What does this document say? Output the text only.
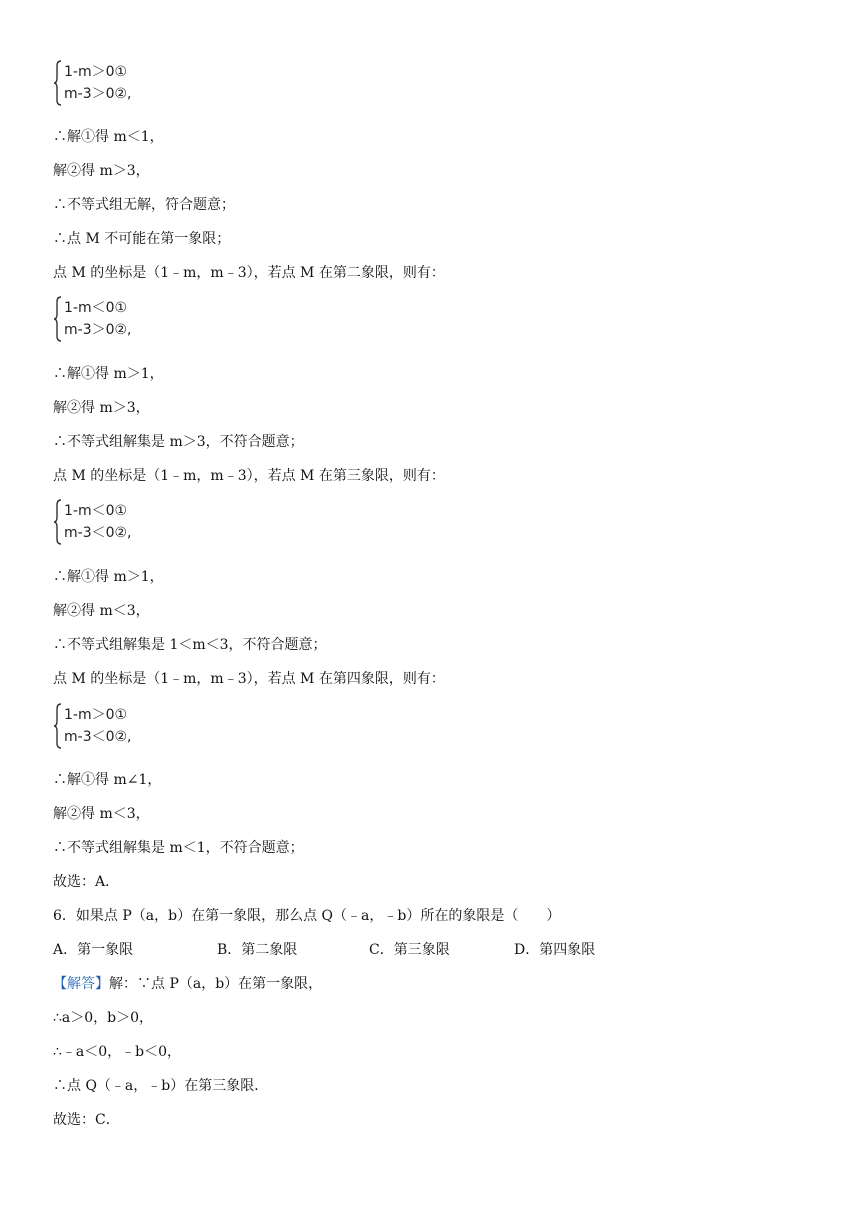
1-m＞0①
m-3＞0②,
∴解①得 m＜1，
解②得 m＞3，
∴不等式组无解，符合题意；
∴点 M 不可能在第一象限；
点 M 的坐标是（1﹣m，m﹣3），若点 M 在第二象限，则有：
1-m＜0①
m-3＞0②,
∴解①得 m＞1，
解②得 m＞3，
∴不等式组解集是 m＞3，不符合题意；
点 M 的坐标是（1﹣m，m﹣3），若点 M 在第三象限，则有：
1-m＜0①
m-3＜0②,
∴解①得 m＞1，
解②得 m＜3，
∴不等式组解集是 1＜m＜3，不符合题意；
点 M 的坐标是（1﹣m，m﹣3），若点 M 在第四象限，则有：
1-m＞0①
m-3＜0②,
∴解①得 m∠1，
解②得 m＜3，
∴不等式组解集是 m＜1，不符合题意；
故选：A．
6．如果点 P（a，b）在第一象限，那么点 Q（﹣a，﹣b）所在的象限是（　　）
A．第一象限	B．第二象限	C．第三象限	D．第四象限
【解答】解：∵点 P（a，b）在第一象限，
∴a＞0，b＞0，
∴﹣a＜0，﹣b＜0，
∴点 Q（﹣a，﹣b）在第三象限．
故选：C．
